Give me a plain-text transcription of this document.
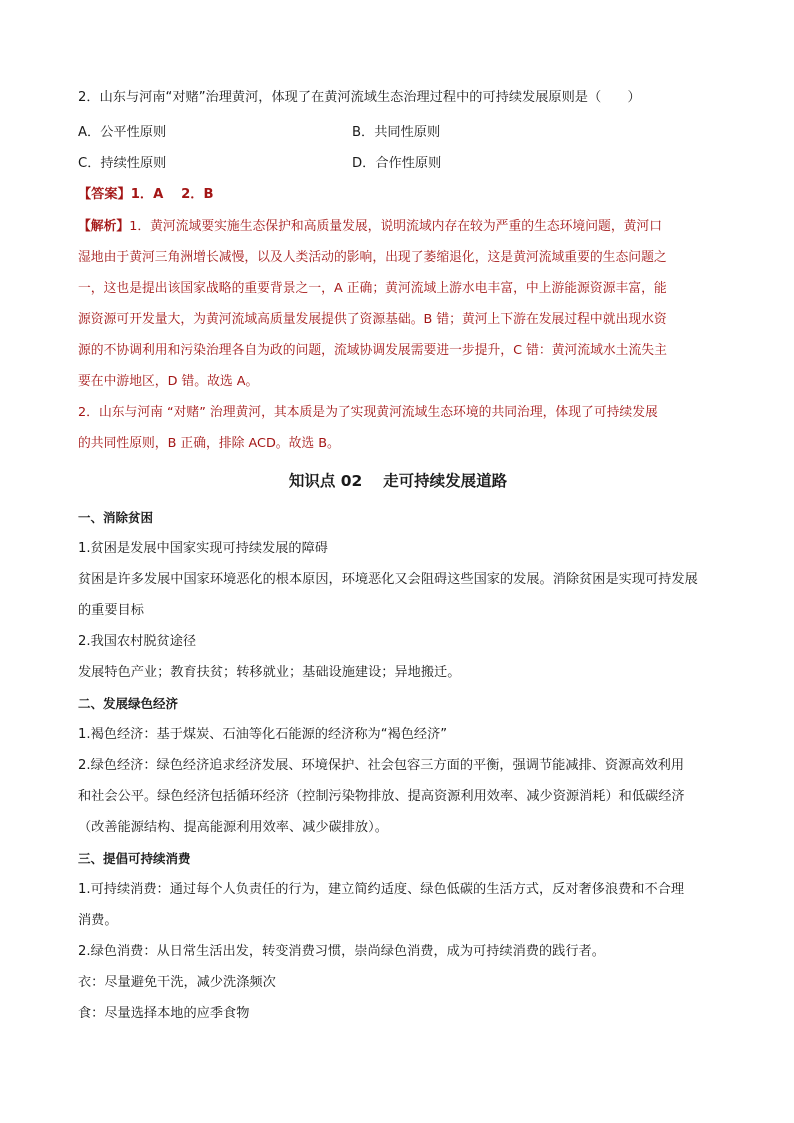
2．山东与河南“对赌”治理黄河，体现了在黄河流域生态治理过程中的可持续发展原则是（　　）
A．公平性原则	B．共同性原则
C．持续性原则	D．合作性原则
【答案】1．A　 2．B
【解析】1．黄河流域要实施生态保护和高质量发展，说明流域内存在较为严重的生态环境问题，黄河口
湿地由于黄河三角洲增长减慢，以及人类活动的影响，出现了萎缩退化，这是黄河流域重要的生态问题之
一，这也是提出该国家战略的重要背景之一，A 正确；黄河流域上游水电丰富，中上游能源资源丰富，能
源资源可开发量大，为黄河流域高质量发展提供了资源基础。B 错；黄河上下游在发展过程中就出现水资
源的不协调利用和污染治理各自为政的问题，流域协调发展需要进一步提升，C 错：黄河流域水土流失主
要在中游地区，D 错。故选 A。
2．山东与河南 “对赌” 治理黄河，其本质是为了实现黄河流域生态环境的共同治理，体现了可持续发展
的共同性原则，B 正确，排除 ACD。故选 B。
知识点 02　 走可持续发展道路
一、消除贫困
1.贫困是发展中国家实现可持续发展的障碍
贫困是许多发展中国家环境恶化的根本原因，环境恶化又会阻碍这些国家的发展。消除贫困是实现可持发展
的重要目标
2.我国农村脱贫途径
发展特色产业；教育扶贫；转移就业；基础设施建设；异地搬迁。
二、发展绿色经济
1.褐色经济：基于煤炭、石油等化石能源的经济称为“褐色经济”
2.绿色经济：绿色经济追求经济发展、环境保护、社会包容三方面的平衡，强调节能减排、资源高效利用
和社会公平。绿色经济包括循环经济（控制污染物排放、提高资源利用效率、减少资源消耗）和低碳经济
（改善能源结构、提高能源利用效率、减少碳排放）。
三、提倡可持续消费
1.可持续消费：通过每个人负责任的行为，建立简约适度、绿色低碳的生活方式，反对奢侈浪费和不合理
消费。
2.绿色消费：从日常生活出发，转变消费习惯，崇尚绿色消费，成为可持续消费的践行者。
衣：尽量避免干洗，减少洗涤频次
食：尽量选择本地的应季食物
